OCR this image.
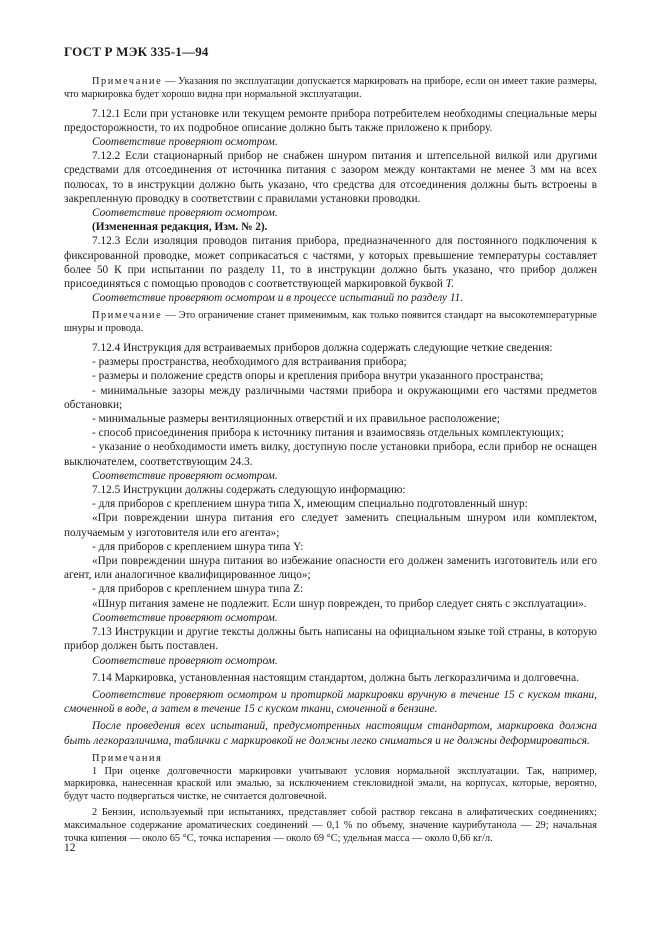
ГОСТ Р МЭК 335-1—94

Примечание — Указания по эксплуатации допускается маркировать на приборе, если он имеет такие размеры, что маркировка будет хорошо видна при нормальной эксплуатации.

7.12.1 Если при установке или текущем ремонте прибора потребителем необходимы специальные меры предосторожности, то их подробное описание должно быть также приложено к прибору.

Соответствие проверяют осмотром.

7.12.2 Если стационарный прибор не снабжен шнуром питания и штепсельной вилкой или другими средствами для отсоединения от источника питания с зазором между контактами не менее 3 мм на всех полюсах, то в инструкции должно быть указано, что средства для отсоединения должны быть встроены в закрепленную проводку в соответствии с правилами установки проводки.

Соответствие проверяют осмотром.

(Измененная редакция, Изм. № 2).

7.12.3 Если изоляция проводов питания прибора, предназначенного для постоянного подключения к фиксированной проводке, может соприкасаться с частями, у которых превышение температуры составляет более 50 К при испытании по разделу 11, то в инструкции должно быть указано, что прибор должен присоединяться с помощью проводов с соответствующей маркировкой буквой Т.

Соответствие проверяют осмотром и в процессе испытаний по разделу 11.

Примечание — Это ограничение станет применимым, как только появится стандарт на высокотемпературные шнуры и провода.

7.12.4 Инструкция для встраиваемых приборов должна содержать следующие четкие сведения:

- размеры пространства, необходимого для встраивания прибора;

- размеры и положение средств опоры и крепления прибора внутри указанного пространства;

- минимальные зазоры между различными частями прибора и окружающими его частями предметов обстановки;

- минимальные размеры вентиляционных отверстий и их правильное расположение;

- способ присоединения прибора к источнику питания и взаимосвязь отдельных комплектующих;

- указание о необходимости иметь вилку, доступную после установки прибора, если прибор не оснащен выключателем, соответствующим 24.3.

Соответствие проверяют осмотром.

7.12.5 Инструкции должны содержать следующую информацию:

- для приборов с креплением шнура типа X, имеющим специально подготовленный шнур:

«При повреждении шнура питания его следует заменить специальным шнуром или комплектом, получаемым у изготовителя или его агента»;

- для приборов с креплением шнура типа Y:

«При повреждении шнура питания во избежание опасности его должен заменить изготовитель или его агент, или аналогичное квалифицированное лицо»;

- для приборов с креплением шнура типа Z:

«Шнур питания замене не подлежит. Если шнур поврежден, то прибор следует снять с эксплуатации».

Соответствие проверяют осмотром.

7.13 Инструкции и другие тексты должны быть написаны на официальном языке той страны, в которую прибор должен быть поставлен.

Соответствие проверяют осмотром.

7.14 Маркировка, установленная настоящим стандартом, должна быть легкоразличима и долговечна.

Соответствие проверяют осмотром и протиркой маркировки вручную в течение 15 с куском ткани, смоченной в воде, а затем в течение 15 с куском ткани, смоченной в бензине.

После проведения всех испытаний, предусмотренных настоящим стандартом, маркировка должна быть легкоразличима, таблички с маркировкой не должны легко сниматься и не должны деформироваться.

Примечания

1 При оценке долговечности маркировки учитывают условия нормальной эксплуатации. Так, например, маркировка, нанесенная краской или эмалью, за исключением стекловидной эмали, на корпусах, которые, вероятно, будут часто подвергаться чистке, не считается долговечной.

2 Бензин, используемый при испытаниях, представляет собой раствор гексана в алифатических соединениях; максимальное содержание ароматических соединений — 0,1 % по объему, значение каурибутанола — 29; начальная точка кипения — около 65 °С, точка испарения — около 69 °С; удельная масса — около 0,66 кг/л.

12
